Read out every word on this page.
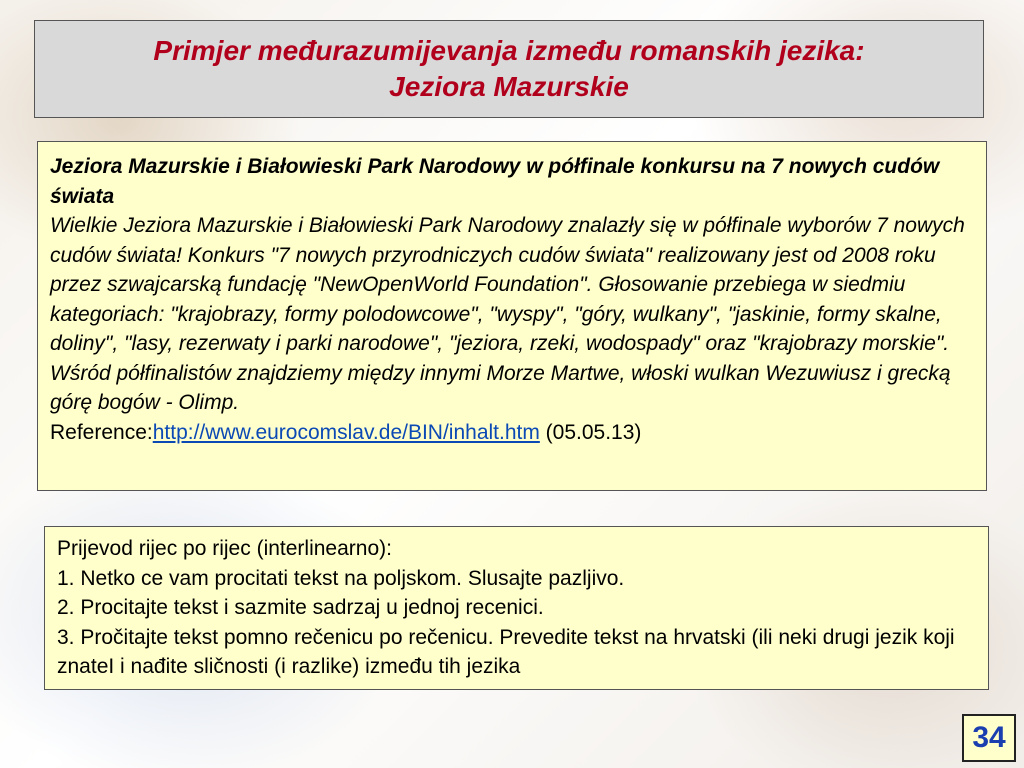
Primjer međurazumijevanja između romanskih jezika:
Jeziora Mazurskie
Jeziora Mazurskie i Białowieski Park Narodowy w półfinale konkursu na 7 nowych cudów świata
Wielkie Jeziora Mazurskie i Białowieski Park Narodowy znalazły się w półfinale wyborów 7 nowych cudów świata! Konkurs "7 nowych przyrodniczych cudów świata" realizowany jest od 2008 roku przez szwajcarską fundację "NewOpenWorld Foundation". Głosowanie przebiega w siedmiu kategoriach: "krajobrazy, formy polodowcowe", "wyspy", "góry, wulkany", "jaskinie, formy skalne, doliny", "lasy, rezerwaty i parki narodowe", "jeziora, rzeki, wodospady" oraz "krajobrazy morskie". Wśród półfinalistów znajdziemy między innymi Morze Martwe, włoski wulkan Wezuwiusz i grecką górę bogów - Olimp.
Reference:http://www.eurocomslav.de/BIN/inhalt.htm (05.05.13)
Prijevod rijec po rijec (interlinearno):
1. Netko ce vam procitati tekst na poljskom. Slusajte pazljivo.
2. Procitajte tekst i sazmite sadrzaj u jednoj recenici.
3. Pročitajte tekst pomno rečenicu po rečenicu. Prevedite tekst na hrvatski (ili neki drugi jezik koji znateI i nađite sličnosti (i razlike) između tih jezika
34
